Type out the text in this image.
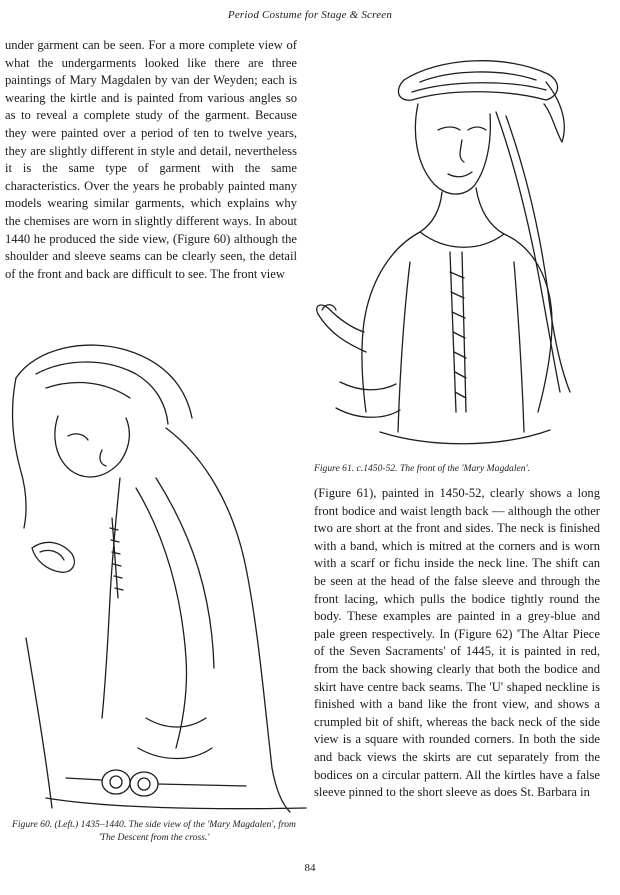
Period Costume for Stage & Screen

under garment can be seen. For a more complete view of what the undergarments looked like there are three paintings of Mary Magdalen by van der Weyden; each is wearing the kirtle and is painted from various angles so as to reveal a complete study of the garment. Because they were painted over a period of ten to twelve years, they are slightly different in style and detail, nevertheless it is the same type of garment with the same characteristics. Over the years he probably painted many models wearing similar garments, which explains why the chemises are worn in slightly different ways. In about 1440 he produced the side view, (Figure 60) although the shoulder and sleeve seams can be clearly seen, the detail of the front and back are difficult to see. The front view

Figure 61. c.1450-52. The front of the 'Mary Magdalen'.
Figure 60. (Left.) 1435–1440. The side view of the 'Mary Magdalen', from 'The Descent from the cross.'

(Figure 61), painted in 1450-52, clearly shows a long front bodice and waist length back — although the other two are short at the front and sides. The neck is finished with a band, which is mitred at the corners and is worn with a scarf or fichu inside the neck line. The shift can be seen at the head of the false sleeve and through the front lacing, which pulls the bodice tightly round the body. These examples are painted in a grey-blue and pale green respectively. In (Figure 62) 'The Altar Piece of the Seven Sacraments' of 1445, it is painted in red, from the back showing clearly that both the bodice and skirt have centre back seams. The 'U' shaped neckline is finished with a band like the front view, and shows a crumpled bit of shift, whereas the back neck of the side view is a square with rounded corners. In both the side and back views the skirts are cut separately from the bodices on a circular pattern. All the kirtles have a false sleeve pinned to the short sleeve as does St. Barbara in

84
